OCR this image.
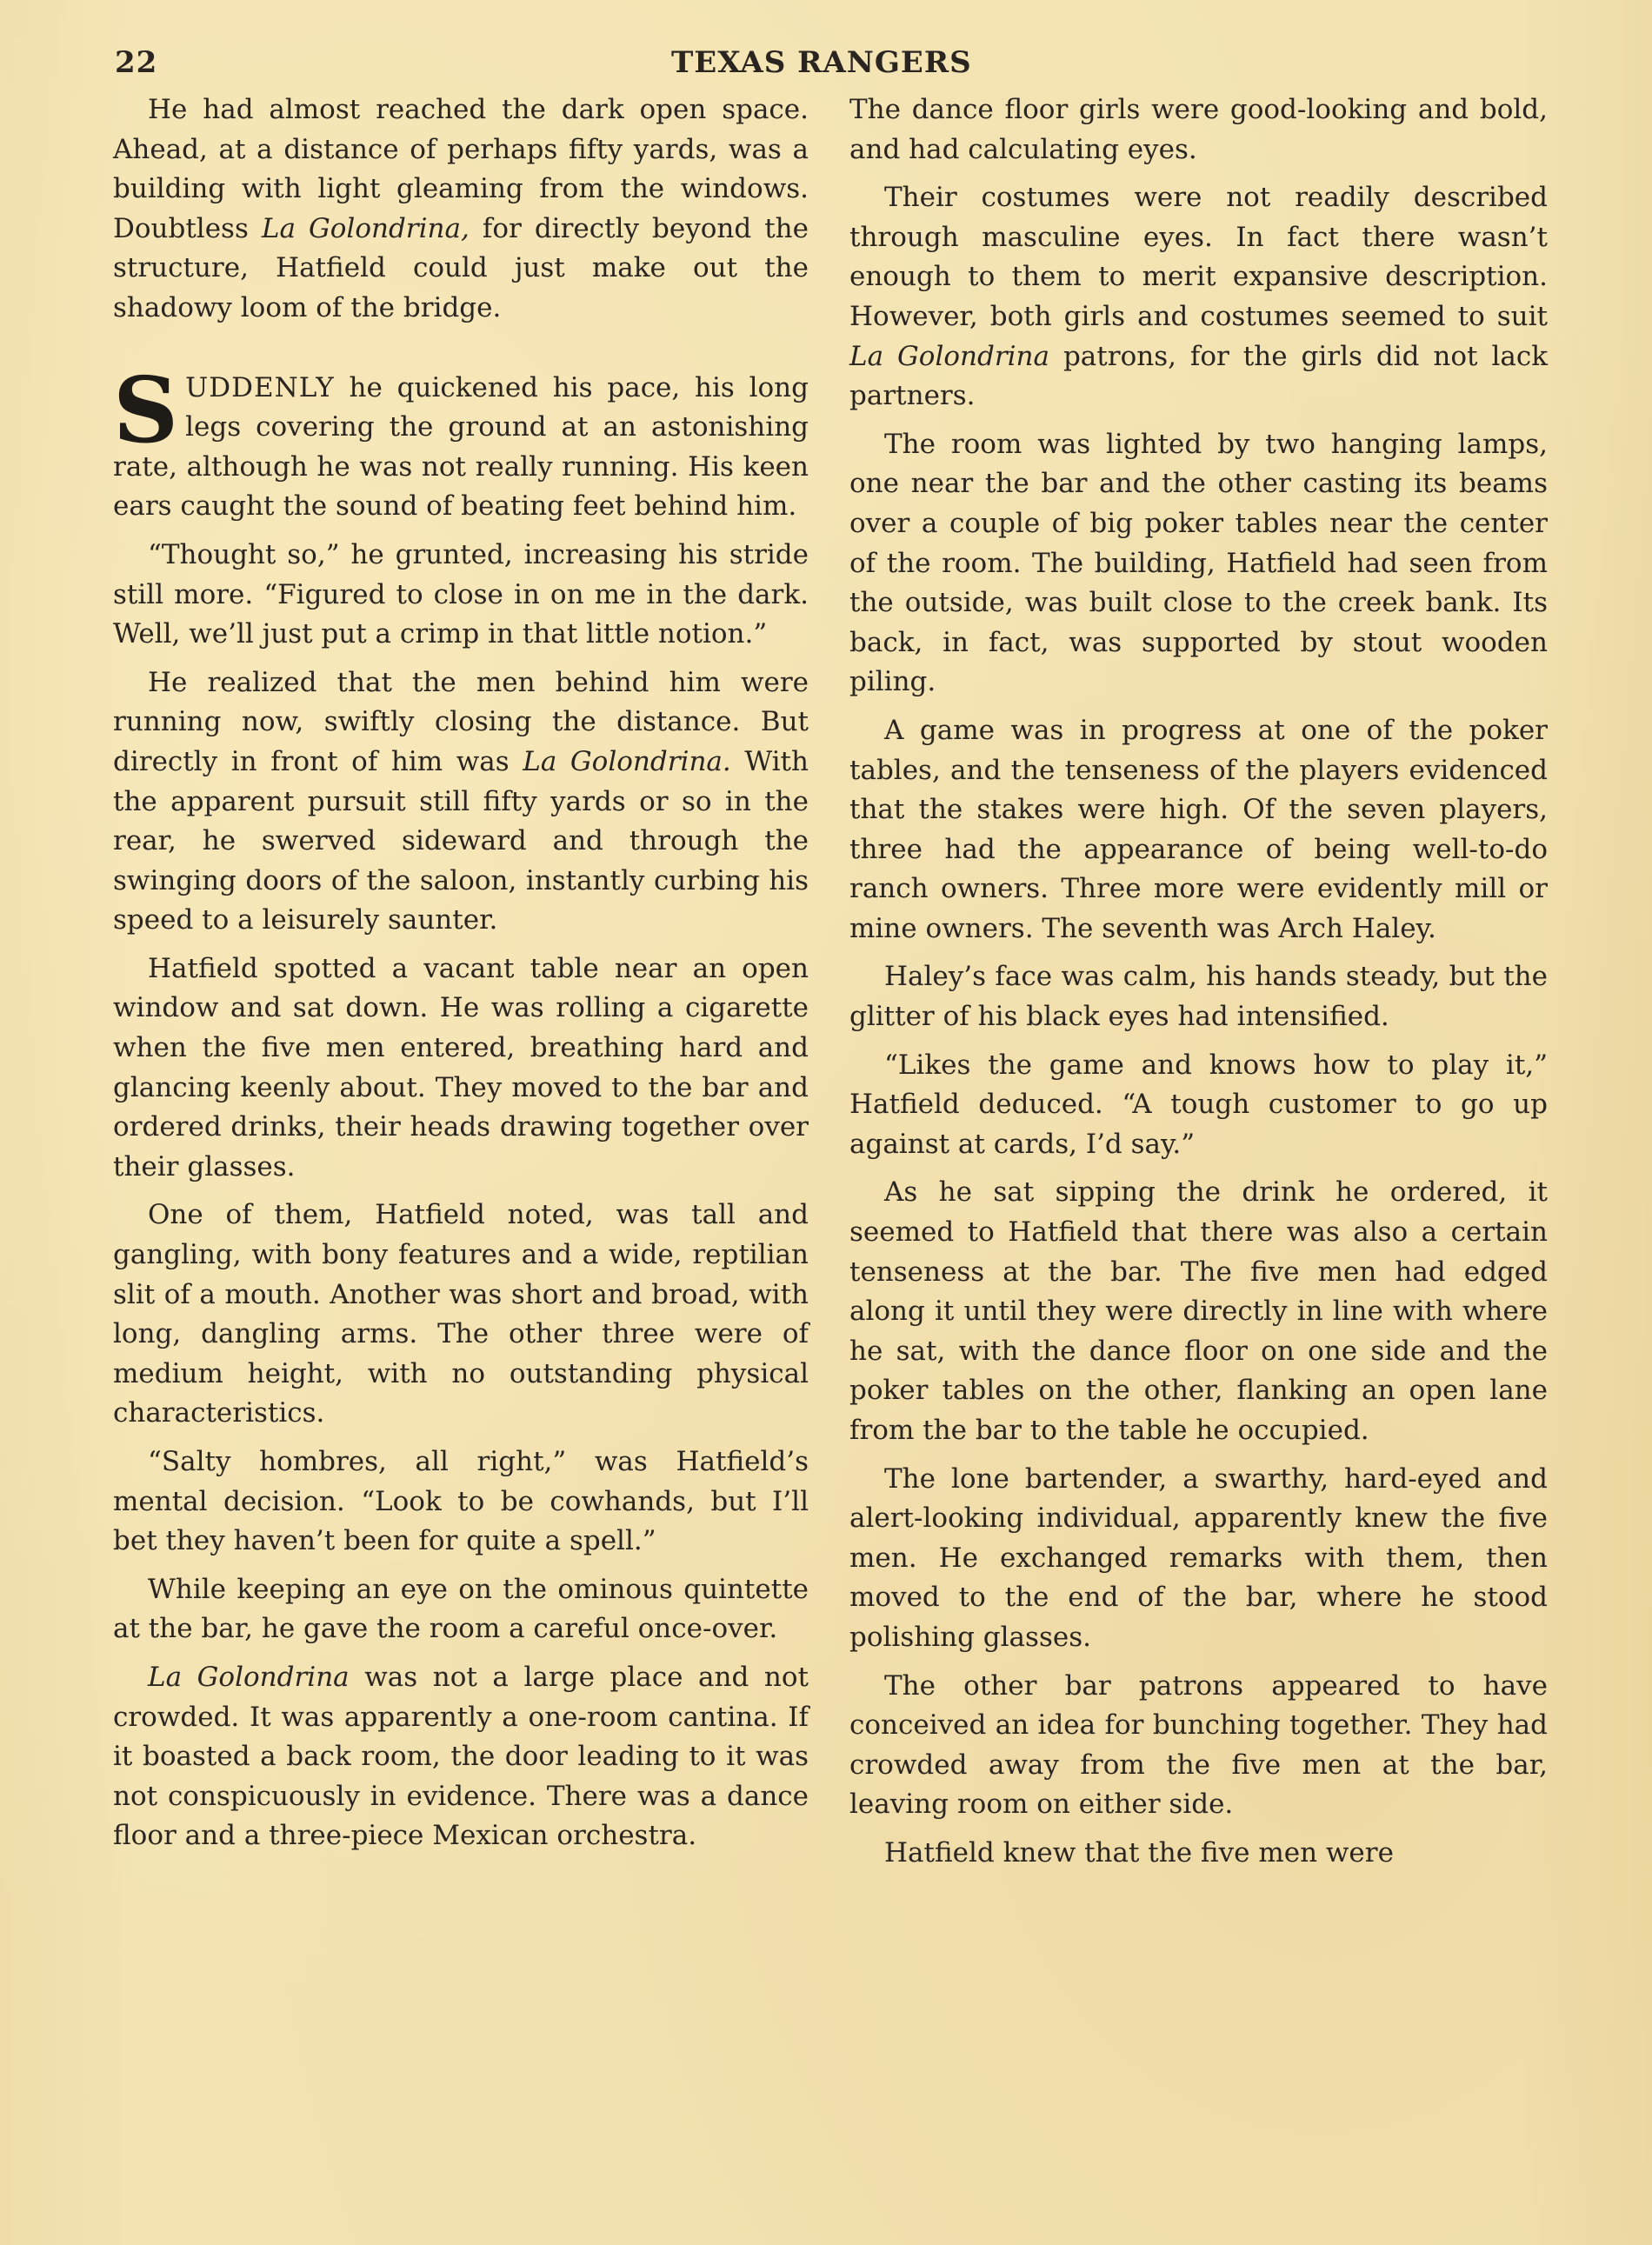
22	TEXAS RANGERS

He had almost reached the dark open space. Ahead, at a distance of perhaps fifty yards, was a building with light gleaming from the windows. Doubtless La Golondrina, for directly beyond the structure, Hatfield could just make out the shadowy loom of the bridge.

SUDDENLY he quickened his pace, his long legs covering the ground at an astonishing rate, although he was not really running. His keen ears caught the sound of beating feet behind him.

“Thought so,” he grunted, increasing his stride still more. “Figured to close in on me in the dark. Well, we’ll just put a crimp in that little notion.”

He realized that the men behind him were running now, swiftly closing the distance. But directly in front of him was La Golondrina. With the apparent pursuit still fifty yards or so in the rear, he swerved sideward and through the swinging doors of the saloon, instantly curbing his speed to a leisurely saunter.

Hatfield spotted a vacant table near an open window and sat down. He was rolling a cigarette when the five men entered, breathing hard and glancing keenly about. They moved to the bar and ordered drinks, their heads drawing together over their glasses.

One of them, Hatfield noted, was tall and gangling, with bony features and a wide, reptilian slit of a mouth. Another was short and broad, with long, dangling arms. The other three were of medium height, with no outstanding physical characteristics.

“Salty hombres, all right,” was Hatfield’s mental decision. “Look to be cowhands, but I’ll bet they haven’t been for quite a spell.”

While keeping an eye on the ominous quintette at the bar, he gave the room a careful once-over.

La Golondrina was not a large place and not crowded. It was apparently a one-room cantina. If it boasted a back room, the door leading to it was not conspicuously in evidence. There was a dance floor and a three-piece Mexican orchestra.

The dance floor girls were good-looking and bold, and had calculating eyes.

Their costumes were not readily described through masculine eyes. In fact there wasn’t enough to them to merit expansive description. However, both girls and costumes seemed to suit La Golondrina patrons, for the girls did not lack partners.

The room was lighted by two hanging lamps, one near the bar and the other casting its beams over a couple of big poker tables near the center of the room. The building, Hatfield had seen from the outside, was built close to the creek bank. Its back, in fact, was supported by stout wooden piling.

A game was in progress at one of the poker tables, and the tenseness of the players evidenced that the stakes were high. Of the seven players, three had the appearance of being well-to-do ranch owners. Three more were evidently mill or mine owners. The seventh was Arch Haley.

Haley’s face was calm, his hands steady, but the glitter of his black eyes had intensified.

“Likes the game and knows how to play it,” Hatfield deduced. “A tough customer to go up against at cards, I’d say.”

As he sat sipping the drink he ordered, it seemed to Hatfield that there was also a certain tenseness at the bar. The five men had edged along it until they were directly in line with where he sat, with the dance floor on one side and the poker tables on the other, flanking an open lane from the bar to the table he occupied.

The lone bartender, a swarthy, hard-eyed and alert-looking individual, apparently knew the five men. He exchanged remarks with them, then moved to the end of the bar, where he stood polishing glasses.

The other bar patrons appeared to have conceived an idea for bunching together. They had crowded away from the five men at the bar, leaving room on either side.

Hatfield knew that the five men were
